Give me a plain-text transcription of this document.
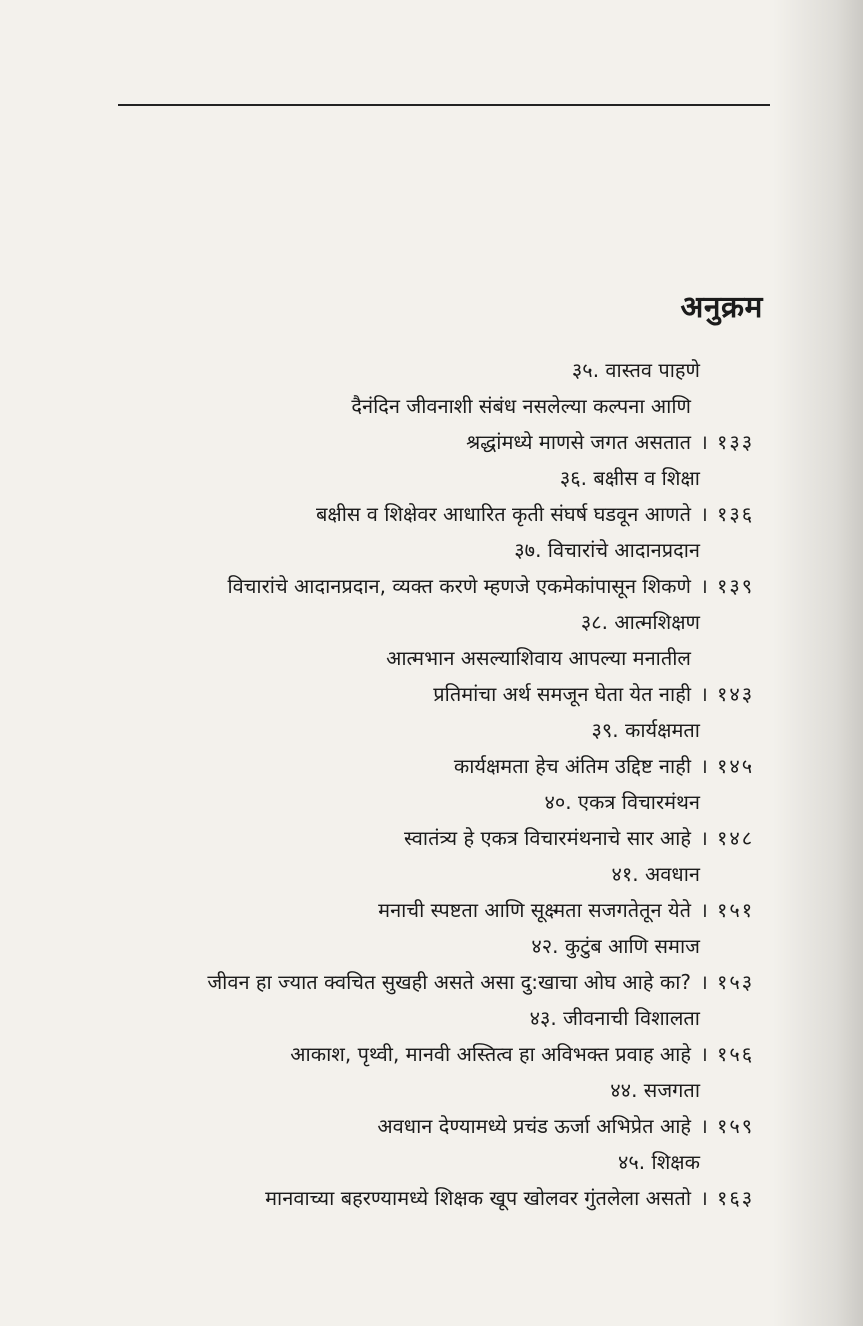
अनुक्रम
३५. वास्तव पाहणे
दैनंदिन जीवनाशी संबंध नसलेल्या कल्पना आणि
श्रद्धांमध्ये माणसे जगत असतात । १३३
३६. बक्षीस व शिक्षा
बक्षीस व शिक्षेवर आधारित कृती संघर्ष घडवून आणते । १३६
३७. विचारांचे आदानप्रदान
विचारांचे आदानप्रदान, व्यक्त करणे म्हणजे एकमेकांपासून शिकणे । १३९
३८. आत्मशिक्षण
आत्मभान असल्याशिवाय आपल्या मनातील
प्रतिमांचा अर्थ समजून घेता येत नाही । १४३
३९. कार्यक्षमता
कार्यक्षमता हेच अंतिम उद्दिष्ट नाही । १४५
४०. एकत्र विचारमंथन
स्वातंत्र्य हे एकत्र विचारमंथनाचे सार आहे । १४८
४१. अवधान
मनाची स्पष्टता आणि सूक्ष्मता सजगतेतून येते । १५१
४२. कुटुंब आणि समाज
जीवन हा ज्यात क्वचित सुखही असते असा दु:खाचा ओघ आहे का? । १५३
४३. जीवनाची विशालता
आकाश, पृथ्वी, मानवी अस्तित्व हा अविभक्त प्रवाह आहे । १५६
४४. सजगता
अवधान देण्यामध्ये प्रचंड ऊर्जा अभिप्रेत आहे । १५९
४५. शिक्षक
मानवाच्या बहरण्यामध्ये शिक्षक खूप खोलवर गुंतलेला असतो । १६३
